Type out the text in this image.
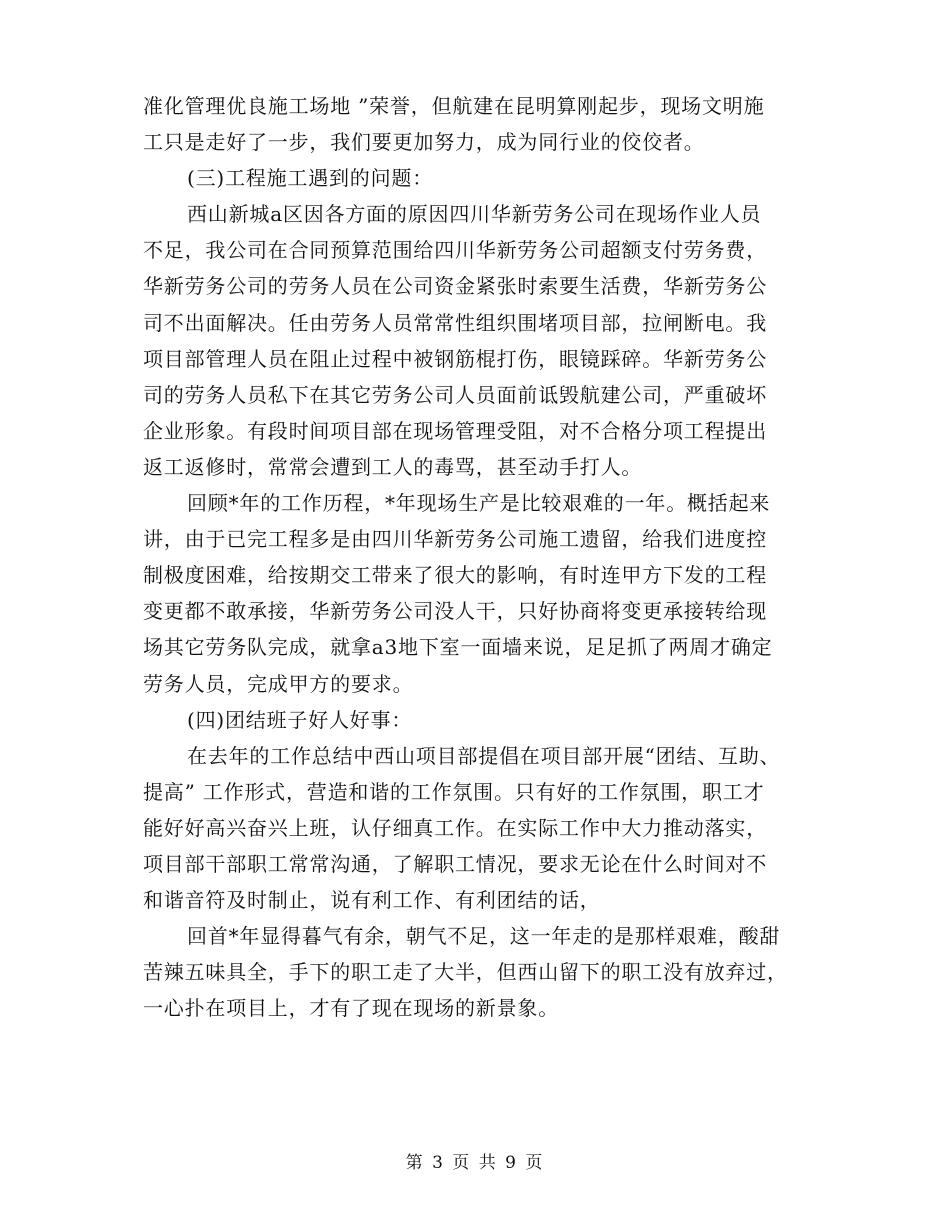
准化管理优良施工场地 ”荣誉，但航建在昆明算刚起步，现场文明施
工只是走好了一步，我们要更加努力，成为同行业的佼佼者。
(三)工程施工遇到的问题：
西山新城a区因各方面的原因四川华新劳务公司在现场作业人员
不足，我公司在合同预算范围给四川华新劳务公司超额支付劳务费，
华新劳务公司的劳务人员在公司资金紧张时索要生活费，华新劳务公
司不出面解决。任由劳务人员常常性组织围堵项目部，拉闸断电。我
项目部管理人员在阻止过程中被钢筋棍打伤，眼镜踩碎。华新劳务公
司的劳务人员私下在其它劳务公司人员面前诋毁航建公司，严重破坏
企业形象。有段时间项目部在现场管理受阻，对不合格分项工程提出
返工返修时，常常会遭到工人的毒骂，甚至动手打人。
回顾*年的工作历程，*年现场生产是比较艰难的一年。概括起来
讲，由于已完工程多是由四川华新劳务公司施工遗留，给我们进度控
制极度困难，给按期交工带来了很大的影响，有时连甲方下发的工程
变更都不敢承接，华新劳务公司没人干，只好协商将变更承接转给现
场其它劳务队完成，就拿a3地下室一面墙来说，足足抓了两周才确定
劳务人员，完成甲方的要求。
(四)团结班子好人好事：
在去年的工作总结中西山项目部提倡在项目部开展“团结、互助、
提高” 工作形式，营造和谐的工作氛围。只有好的工作氛围，职工才
能好好高兴奋兴上班，认仔细真工作。在实际工作中大力推动落实，
项目部干部职工常常沟通，了解职工情况，要求无论在什么时间对不
和谐音符及时制止，说有利工作、有利团结的话，
回首*年显得暮气有余，朝气不足，这一年走的是那样艰难，酸甜
苦辣五味具全，手下的职工走了大半，但西山留下的职工没有放弃过，
一心扑在项目上，才有了现在现场的新景象。
第 3 页 共 9 页
